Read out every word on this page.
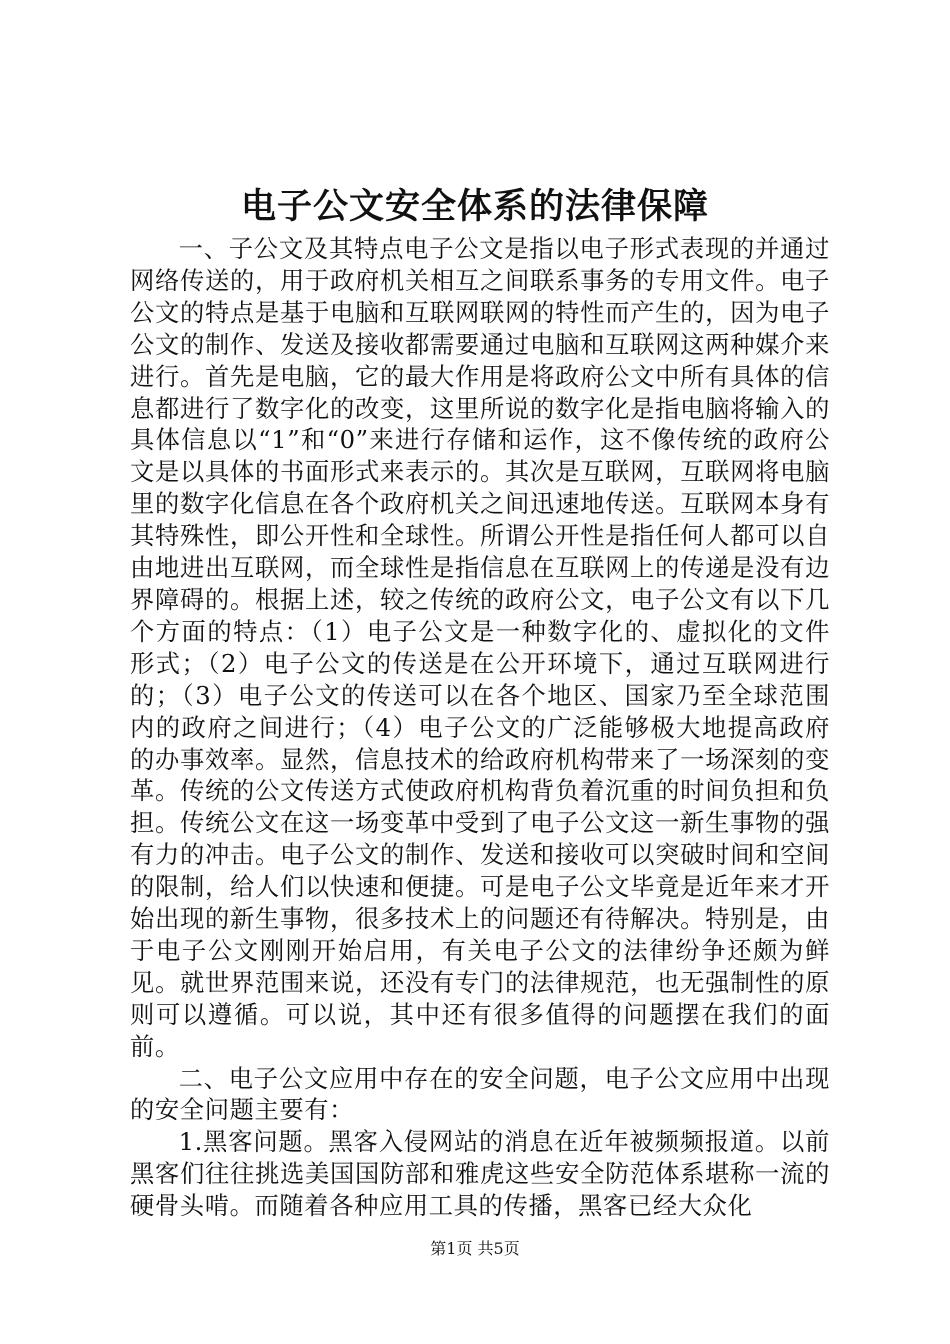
电子公文安全体系的法律保障

一、子公文及其特点电子公文是指以电子形式表现的并通过网络传送的，用于政府机关相互之间联系事务的专用文件。电子公文的特点是基于电脑和互联网联网的特性而产生的，因为电子公文的制作、发送及接收都需要通过电脑和互联网这两种媒介来进行。首先是电脑，它的最大作用是将政府公文中所有具体的信息都进行了数字化的改变，这里所说的数字化是指电脑将输入的具体信息以“1”和“0”来进行存储和运作，这不像传统的政府公文是以具体的书面形式来表示的。其次是互联网，互联网将电脑里的数字化信息在各个政府机关之间迅速地传送。互联网本身有其特殊性，即公开性和全球性。所谓公开性是指任何人都可以自由地进出互联网，而全球性是指信息在互联网上的传递是没有边界障碍的。根据上述，较之传统的政府公文，电子公文有以下几个方面的特点：（1）电子公文是一种数字化的、虚拟化的文件形式；（2）电子公文的传送是在公开环境下，通过互联网进行的；（3）电子公文的传送可以在各个地区、国家乃至全球范围内的政府之间进行；（4）电子公文的广泛能够极大地提高政府的办事效率。显然，信息技术的给政府机构带来了一场深刻的变革。传统的公文传送方式使政府机构背负着沉重的时间负担和负担。传统公文在这一场变革中受到了电子公文这一新生事物的强有力的冲击。电子公文的制作、发送和接收可以突破时间和空间的限制，给人们以快速和便捷。可是电子公文毕竟是近年来才开始出现的新生事物，很多技术上的问题还有待解决。特别是，由于电子公文刚刚开始启用，有关电子公文的法律纷争还颇为鲜见。就世界范围来说，还没有专门的法律规范，也无强制性的原则可以遵循。可以说，其中还有很多值得的问题摆在我们的面前。

二、电子公文应用中存在的安全问题，电子公文应用中出现的安全问题主要有：

1.黑客问题。黑客入侵网站的消息在近年被频频报道。以前黑客们往往挑选美国国防部和雅虎这些安全防范体系堪称一流的硬骨头啃。而随着各种应用工具的传播，黑客已经大众化

第1页 共5页
